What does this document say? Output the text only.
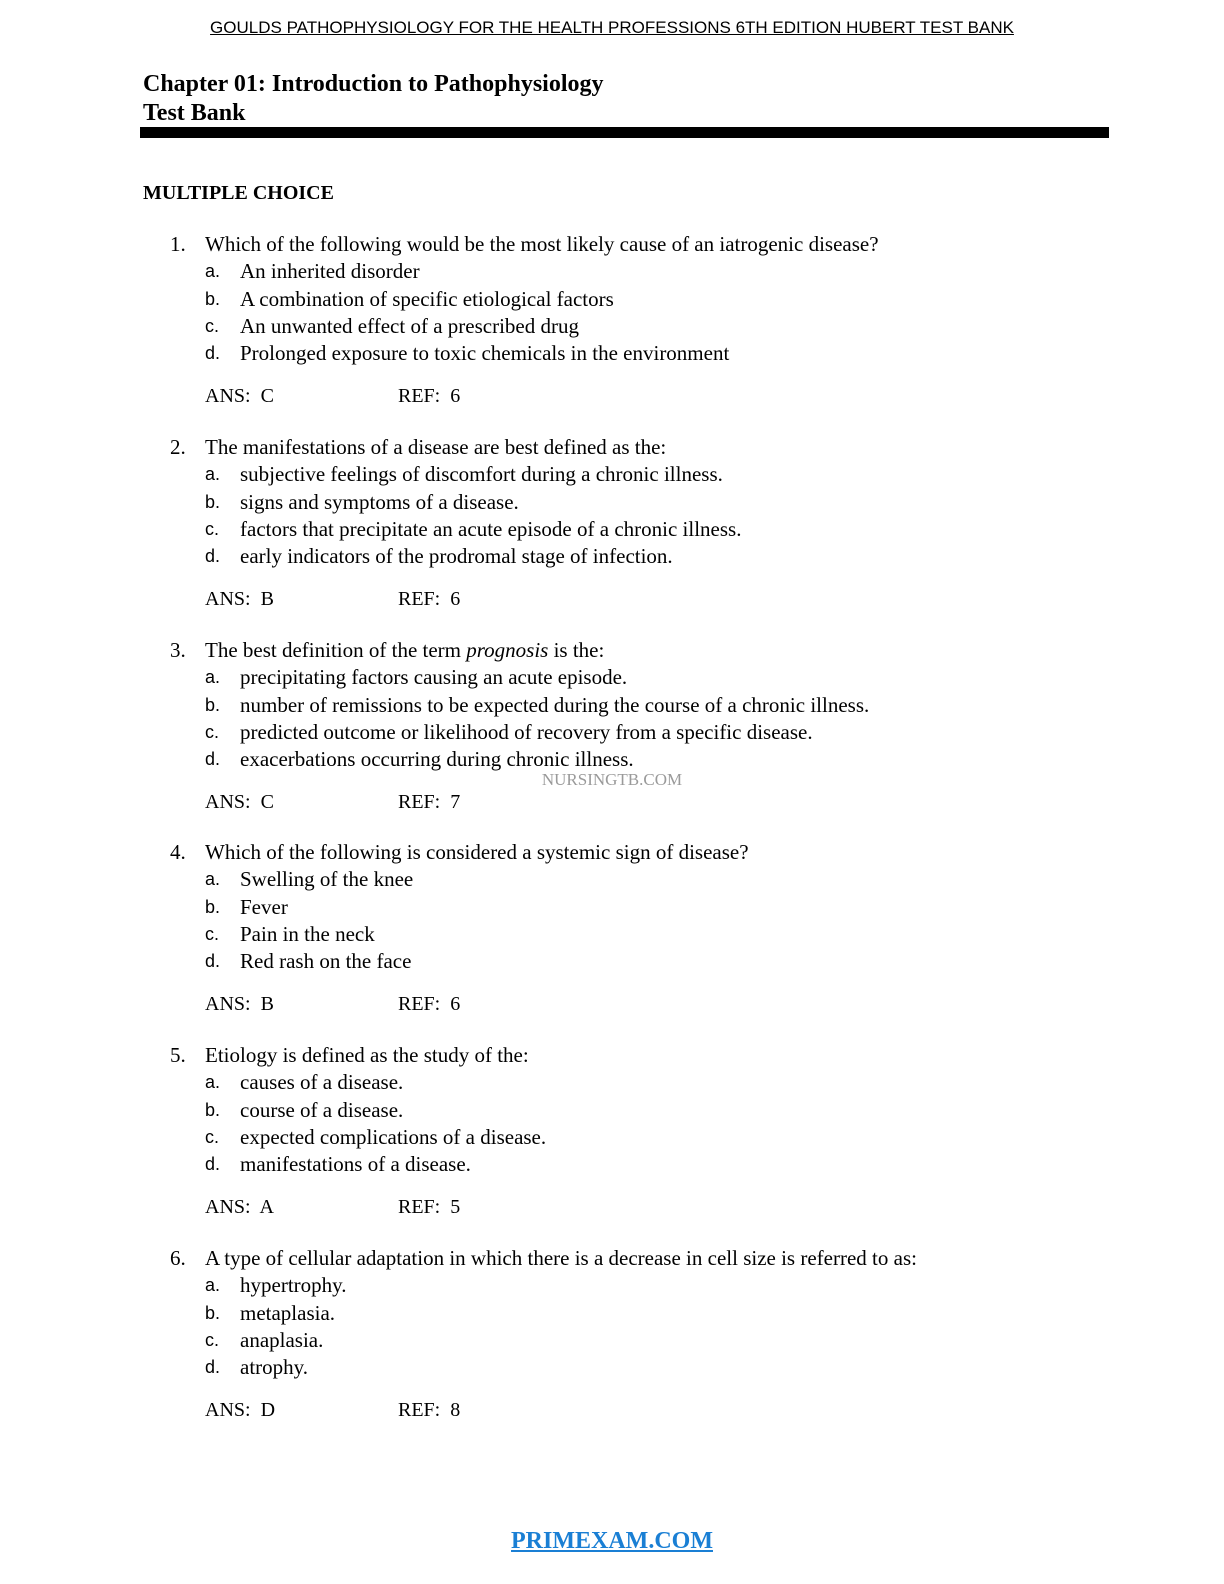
GOULDS PATHOPHYSIOLOGY FOR THE HEALTH PROFESSIONS 6TH EDITION HUBERT TEST BANK
Chapter 01: Introduction to Pathophysiology
Test Bank
MULTIPLE CHOICE
1. Which of the following would be the most likely cause of an iatrogenic disease?
a. An inherited disorder
b. A combination of specific etiological factors
c. An unwanted effect of a prescribed drug
d. Prolonged exposure to toxic chemicals in the environment
ANS: C	REF: 6
2. The manifestations of a disease are best defined as the:
a. subjective feelings of discomfort during a chronic illness.
b. signs and symptoms of a disease.
c. factors that precipitate an acute episode of a chronic illness.
d. early indicators of the prodromal stage of infection.
ANS: B	REF: 6
3. The best definition of the term prognosis is the:
a. precipitating factors causing an acute episode.
b. number of remissions to be expected during the course of a chronic illness.
c. predicted outcome or likelihood of recovery from a specific disease.
d. exacerbations occurring during chronic illness.
ANS: C	REF: 7
NURSINGTB.COM
4. Which of the following is considered a systemic sign of disease?
a. Swelling of the knee
b. Fever
c. Pain in the neck
d. Red rash on the face
ANS: B	REF: 6
5. Etiology is defined as the study of the:
a. causes of a disease.
b. course of a disease.
c. expected complications of a disease.
d. manifestations of a disease.
ANS: A	REF: 5
6. A type of cellular adaptation in which there is a decrease in cell size is referred to as:
a. hypertrophy.
b. metaplasia.
c. anaplasia.
d. atrophy.
ANS: D	REF: 8
PRIMEXAM.COM
